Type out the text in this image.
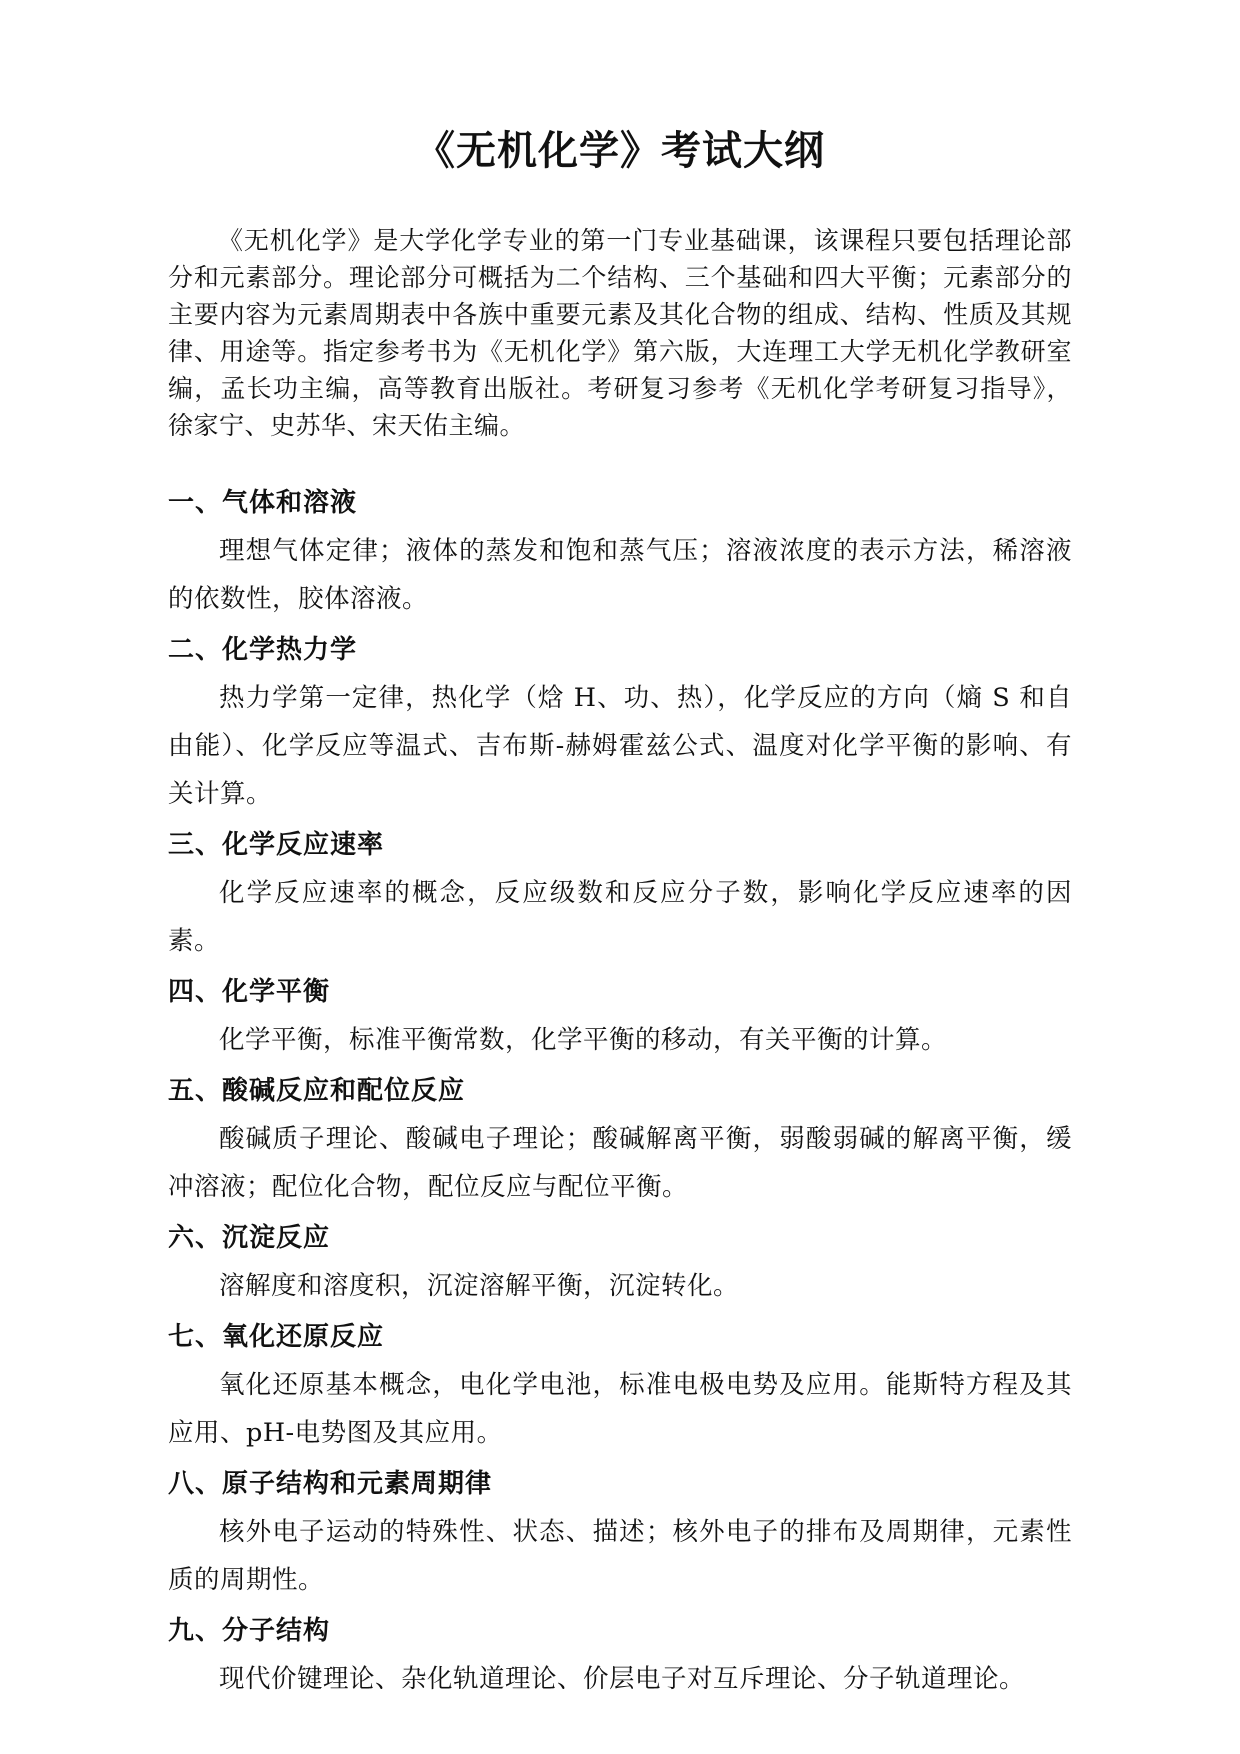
《无机化学》考试大纲

《无机化学》是大学化学专业的第一门专业基础课，该课程只要包括理论部分和元素部分。理论部分可概括为二个结构、三个基础和四大平衡；元素部分的主要内容为元素周期表中各族中重要元素及其化合物的组成、结构、性质及其规律、用途等。指定参考书为《无机化学》第六版，大连理工大学无机化学教研室编，孟长功主编，高等教育出版社。考研复习参考《无机化学考研复习指导》，徐家宁、史苏华、宋天佑主编。

一、气体和溶液

理想气体定律；液体的蒸发和饱和蒸气压；溶液浓度的表示方法，稀溶液的依数性，胶体溶液。

二、化学热力学

热力学第一定律，热化学（焓 H、功、热），化学反应的方向（熵 S 和自由能）、化学反应等温式、吉布斯-赫姆霍兹公式、温度对化学平衡的影响、有关计算。

三、化学反应速率

化学反应速率的概念，反应级数和反应分子数，影响化学反应速率的因素。

四、化学平衡

化学平衡，标准平衡常数，化学平衡的移动，有关平衡的计算。

五、酸碱反应和配位反应

酸碱质子理论、酸碱电子理论；酸碱解离平衡，弱酸弱碱的解离平衡，缓冲溶液；配位化合物，配位反应与配位平衡。

六、沉淀反应

溶解度和溶度积，沉淀溶解平衡，沉淀转化。

七、氧化还原反应

氧化还原基本概念，电化学电池，标准电极电势及应用。能斯特方程及其应用、pH-电势图及其应用。

八、原子结构和元素周期律

核外电子运动的特殊性、状态、描述；核外电子的排布及周期律，元素性质的周期性。

九、分子结构

现代价键理论、杂化轨道理论、价层电子对互斥理论、分子轨道理论。
